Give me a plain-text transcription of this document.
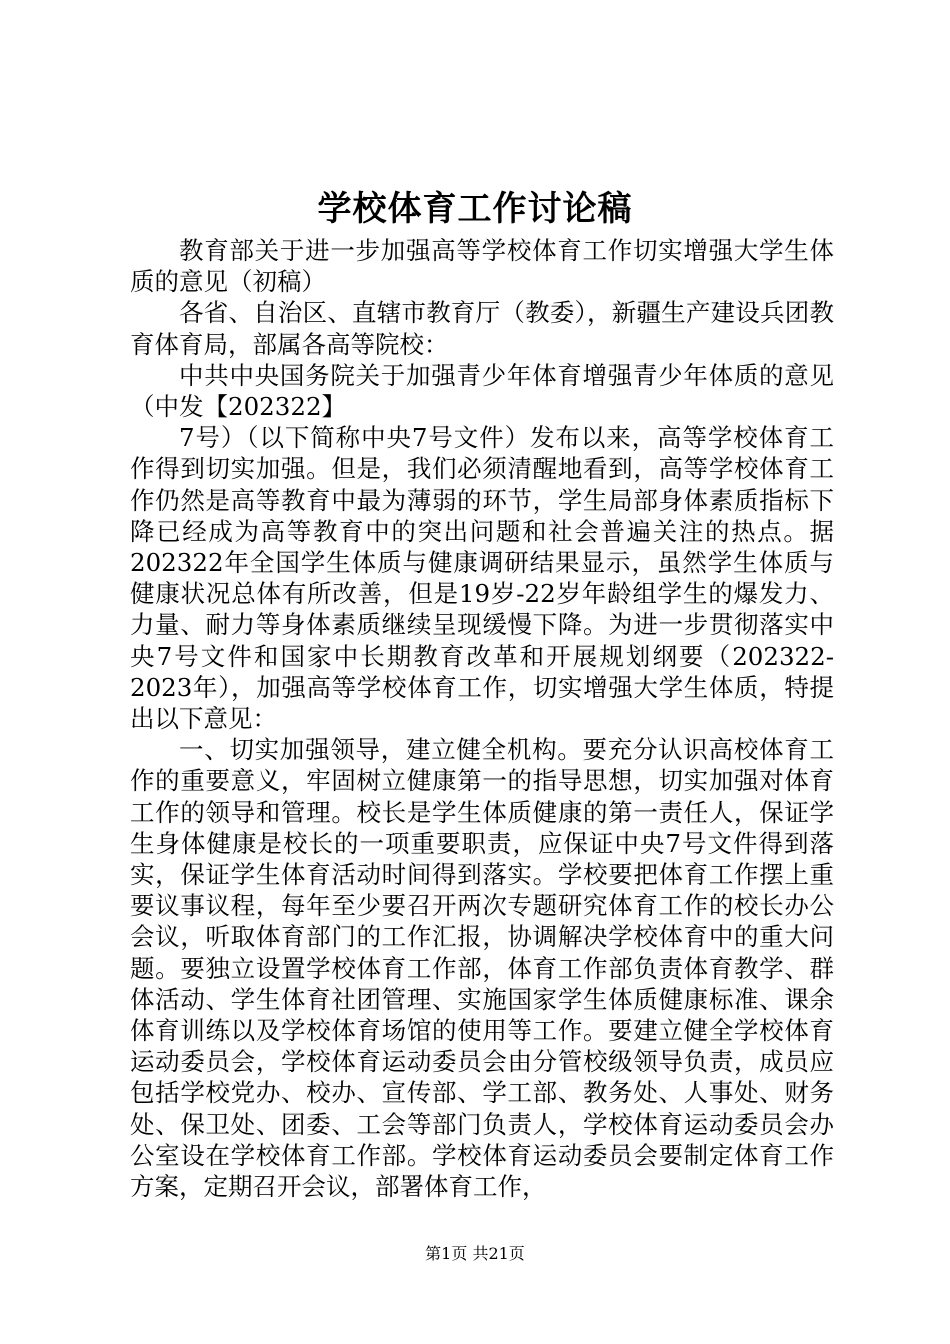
学校体育工作讨论稿

教育部关于进一步加强高等学校体育工作切实增强大学生体质的意见（初稿）

各省、自治区、直辖市教育厅（教委），新疆生产建设兵团教育体育局，部属各高等院校：

中共中央国务院关于加强青少年体育增强青少年体质的意见（中发【202322】

7号）（以下简称中央7号文件）发布以来，高等学校体育工作得到切实加强。但是，我们必须清醒地看到，高等学校体育工作仍然是高等教育中最为薄弱的环节，学生局部身体素质指标下降已经成为高等教育中的突出问题和社会普遍关注的热点。据202322年全国学生体质与健康调研结果显示，虽然学生体质与健康状况总体有所改善，但是19岁-22岁年龄组学生的爆发力、力量、耐力等身体素质继续呈现缓慢下降。为进一步贯彻落实中央7号文件和国家中长期教育改革和开展规划纲要（202322-2023年），加强高等学校体育工作，切实增强大学生体质，特提出以下意见：

一、切实加强领导，建立健全机构。要充分认识高校体育工作的重要意义，牢固树立健康第一的指导思想，切实加强对体育工作的领导和管理。校长是学生体质健康的第一责任人，保证学生身体健康是校长的一项重要职责，应保证中央7号文件得到落实，保证学生体育活动时间得到落实。学校要把体育工作摆上重要议事议程，每年至少要召开两次专题研究体育工作的校长办公会议，听取体育部门的工作汇报，协调解决学校体育中的重大问题。要独立设置学校体育工作部，体育工作部负责体育教学、群体活动、学生体育社团管理、实施国家学生体质健康标准、课余体育训练以及学校体育场馆的使用等工作。要建立健全学校体育运动委员会，学校体育运动委员会由分管校级领导负责，成员应包括学校党办、校办、宣传部、学工部、教务处、人事处、财务处、保卫处、团委、工会等部门负责人，学校体育运动委员会办公室设在学校体育工作部。学校体育运动委员会要制定体育工作方案，定期召开会议，部署体育工作，

第1页 共21页
